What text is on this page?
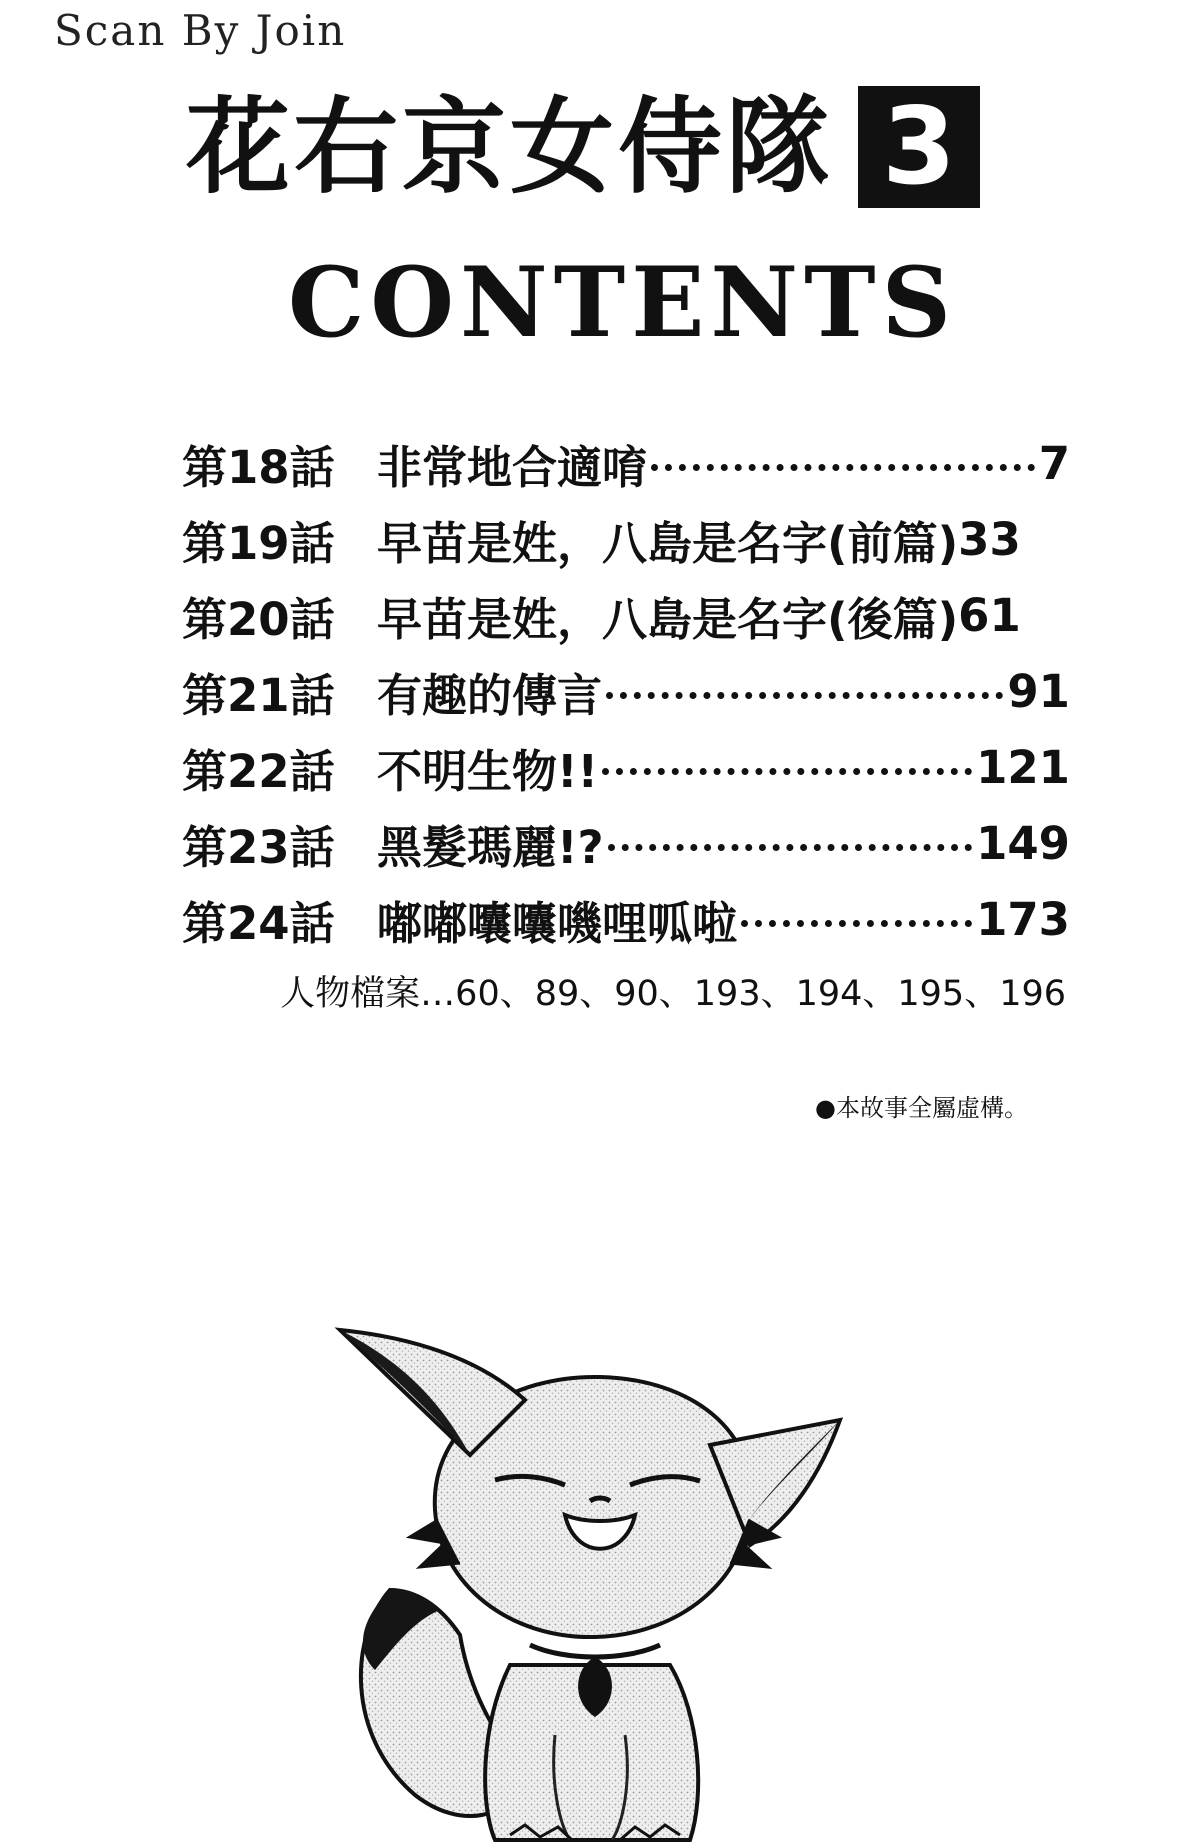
Scan By Join
花右京女侍隊 3
CONTENTS
第18話 非常地合適唷	7
第19話 早苗是姓，八島是名字(前篇) 33
第20話 早苗是姓，八島是名字(後篇) 61
第21話 有趣的傳言	91
第22話 不明生物!!	121
第23話 黑髮瑪麗!?	149
第24話 嘟嘟囔囔嘰哩呱啦	173
人物檔案…60、89、90、193、194、195、196
●本故事全屬虛構。
